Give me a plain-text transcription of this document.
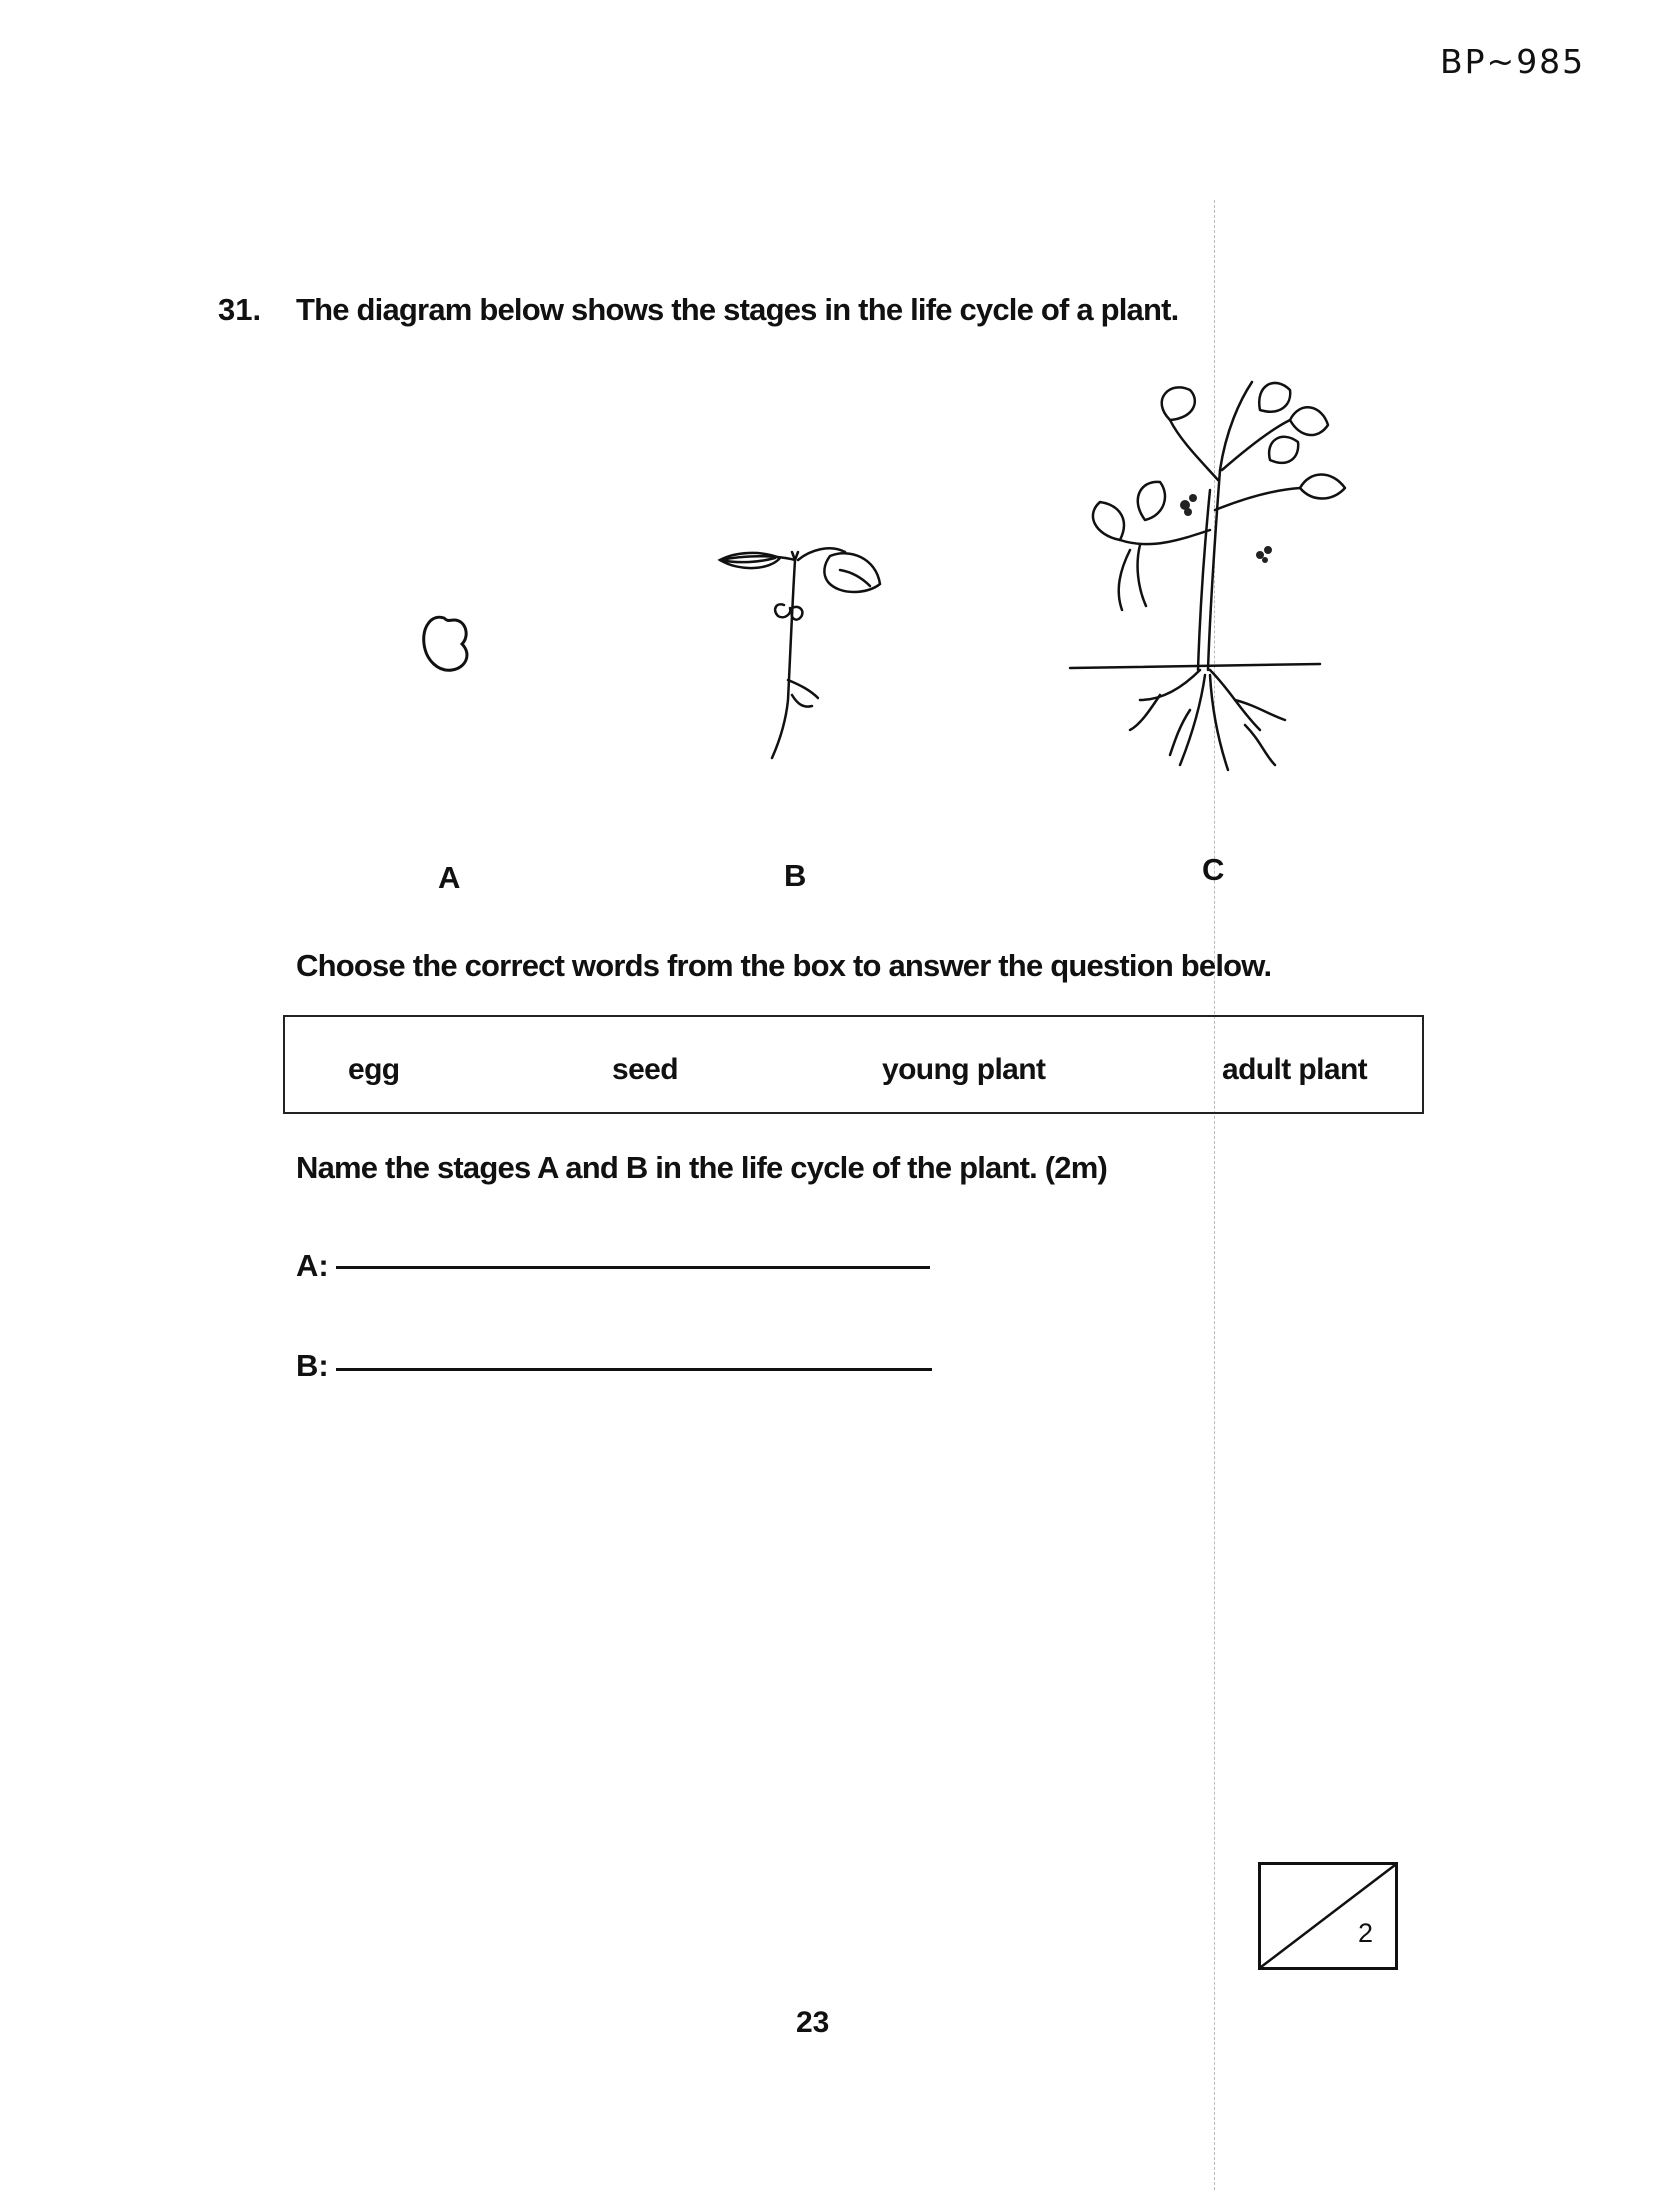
BP~985
31. The diagram below shows the stages in the life cycle of a plant.
A	B	C
Choose the correct words from the box to answer the question below.
egg	seed	young plant	adult plant
Name the stages A and B in the life cycle of the plant. (2m)
A:
B:
2
23
